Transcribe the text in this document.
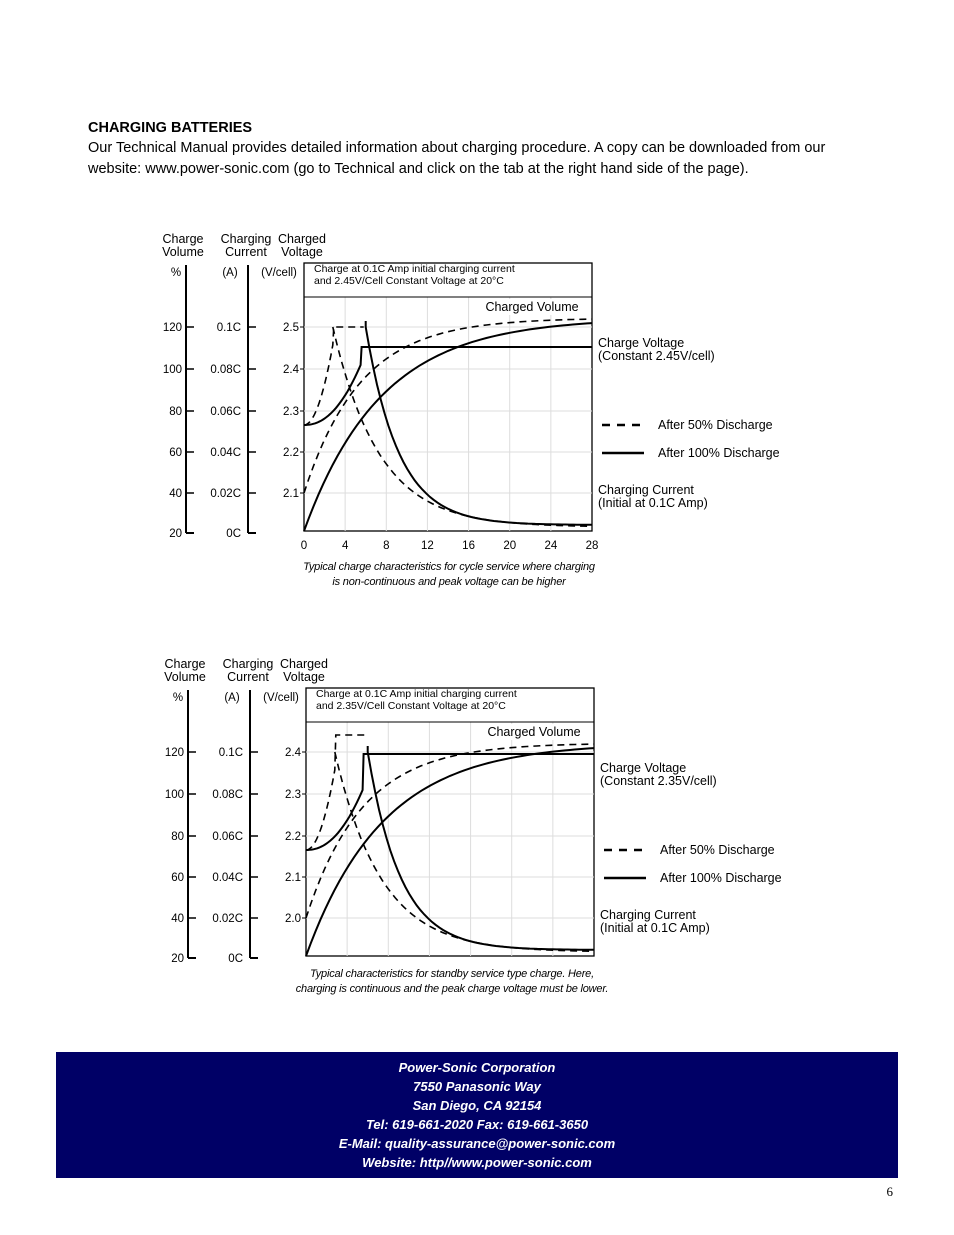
CHARGING BATTERIES

Our Technical Manual provides detailed information about charging procedure. A copy can be downloaded from our website: www.power-sonic.com (go to Technical and click on the tab at the right hand side of the page).

Charge
Volume
Charging
Current
Charged
Voltage
%	(A) (V/cell)
120
100
80
60
40
20
0.1C
0.08C
0.06C
0.04C
0.02C
0C
2.5
2.4
2.3
2.2
2.1
0	4	8	12 16 20 24 28
Charge at 0.1C Amp initial charging current
and 2.45V/Cell Constant Voltage at 20°C
Charged Volume
Charge Voltage
(Constant 2.45V/cell)
After 50% Discharge
After 100% Discharge
Charging Current
(Initial at 0.1C Amp)
Typical charge characteristics for cycle service where charging
is non-continuous and peak voltage can be higher
Charge
Volume
Charging
Current
Charged
Voltage
%	(A) (V/cell)
120
100
80
60
40
20
0.1C
0.08C
0.06C
0.04C
0.02C
0C
2.4
2.3
2.2
2.1
2.0
Charge at 0.1C Amp initial charging current
and 2.35V/Cell Constant Voltage at 20°C
Charged Volume
Charge Voltage
(Constant 2.35V/cell)
After 50% Discharge
After 100% Discharge
Charging Current
(Initial at 0.1C Amp)
Typical characteristics for standby service type charge. Here,
charging is continuous and the peak charge voltage must be lower.
Power-Sonic Corporation
7550 Panasonic Way
San Diego, CA 92154
Tel: 619-661-2020 Fax: 619-661-3650
E-Mail: quality-assurance@power-sonic.com
Website: http//www.power-sonic.com
6
